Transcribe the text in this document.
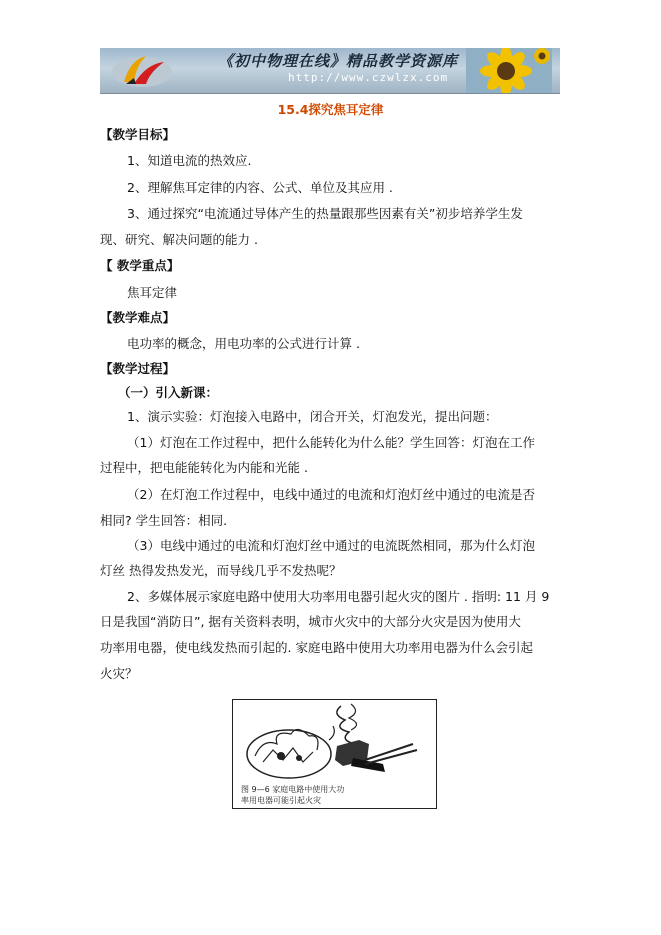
《初中物理在线》精品教学资源库
http://www.czwlzx.com
15.4探究焦耳定律
【教学目标】
1、知道电流的热效应.
2、理解焦耳定律的内容、公式、单位及其应用 .
3、通过探究“电流通过导体产生的热量跟那些因素有关”初步培养学生发
现、研究、解决问题的能力 .
【 教学重点】
焦耳定律
【教学难点】
电功率的概念，用电功率的公式进行计算 .
【教学过程】
（一）引入新课：
1、演示实验：灯泡接入电路中，闭合开关，灯泡发光，提出问题：
（1）灯泡在工作过程中，把什么能转化为什么能？学生回答：灯泡在工作
过程中，把电能能转化为内能和光能 .
（2）在灯泡工作过程中，电线中通过的电流和灯泡灯丝中通过的电流是否
相同? 学生回答：相同.
（3）电线中通过的电流和灯泡灯丝中通过的电流既然相同，那为什么灯泡
灯丝 热得发热发光，而导线几乎不发热呢？
2、多媒体展示家庭电路中使用大功率用电器引起火灾的图片 . 指明: 11 月 9
日是我国“消防日”, 据有关资料表明，城市火灾中的大部分火灾是因为使用大
功率用电器，使电线发热而引起的. 家庭电路中使用大功率用电器为什么会引起
火灾？
图 9—6 家庭电路中使用大功
率用电器可能引起火灾
